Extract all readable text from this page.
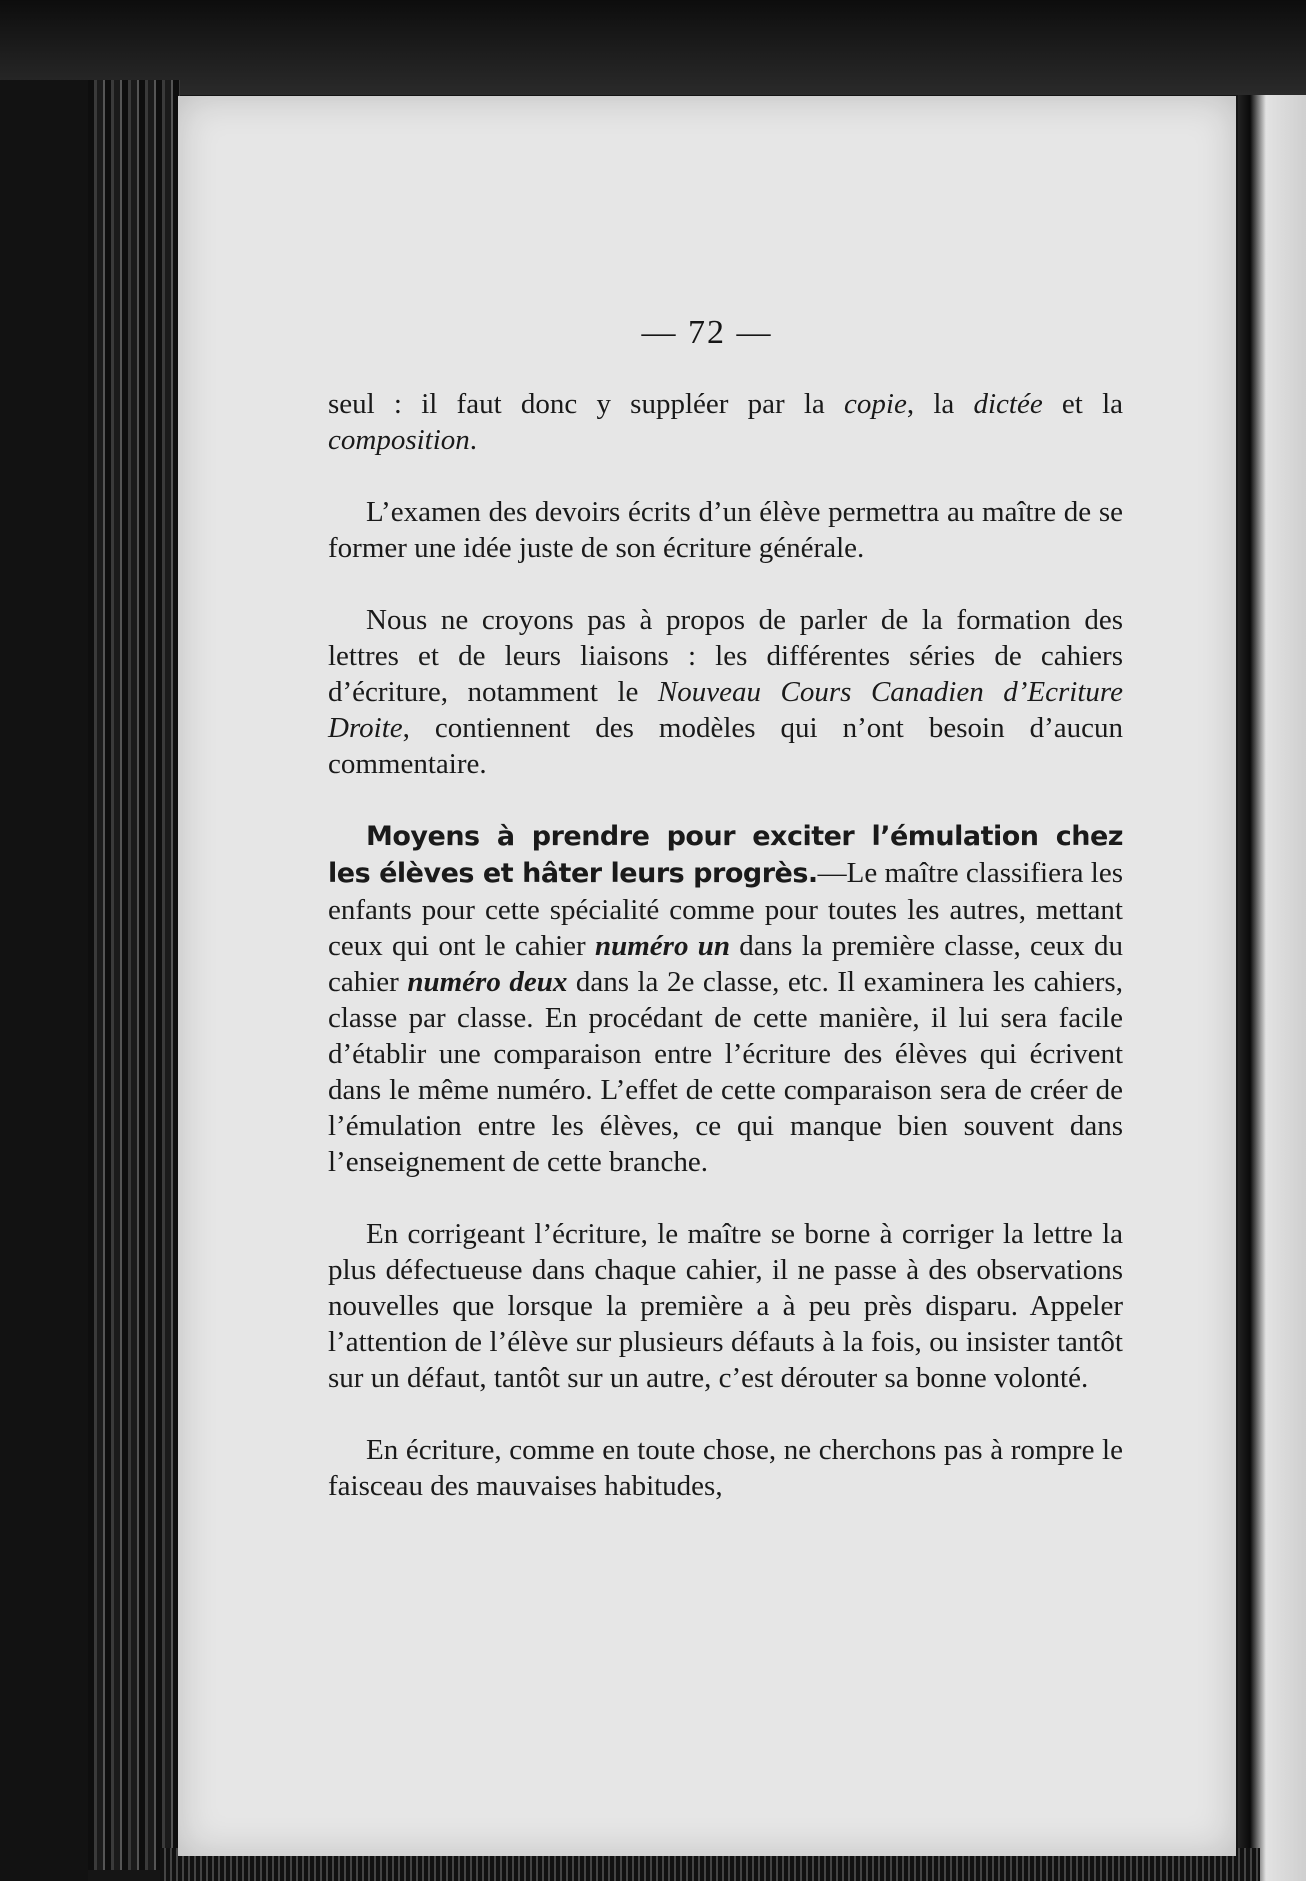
— 72 —

seul : il faut donc y suppléer par la copie, la dictée et la composition.

L’examen des devoirs écrits d’un élève permettra au maître de se former une idée juste de son écriture générale.

Nous ne croyons pas à propos de parler de la formation des lettres et de leurs liaisons : les différentes séries de cahiers d’écriture, notamment le Nouveau Cours Canadien d’Ecriture Droite, contiennent des modèles qui n’ont besoin d’aucun commentaire.

Moyens à prendre pour exciter l’émulation chez les élèves et hâter leurs progrès.—Le maître classifiera les enfants pour cette spécialité comme pour toutes les autres, mettant ceux qui ont le cahier numéro un dans la première classe, ceux du cahier numéro deux dans la 2e classe, etc. Il examinera les cahiers, classe par classe. En procédant de cette manière, il lui sera facile d’établir une comparaison entre l’écriture des élèves qui écrivent dans le même numéro. L’effet de cette comparaison sera de créer de l’émulation entre les élèves, ce qui manque bien souvent dans l’enseignement de cette branche.

En corrigeant l’écriture, le maître se borne à corriger la lettre la plus défectueuse dans chaque cahier, il ne passe à des observations nouvelles que lorsque la première a à peu près disparu. Appeler l’attention de l’élève sur plusieurs défauts à la fois, ou insister tantôt sur un défaut, tantôt sur un autre, c’est dérouter sa bonne volonté.

En écriture, comme en toute chose, ne cherchons pas à rompre le faisceau des mauvaises habitudes,
